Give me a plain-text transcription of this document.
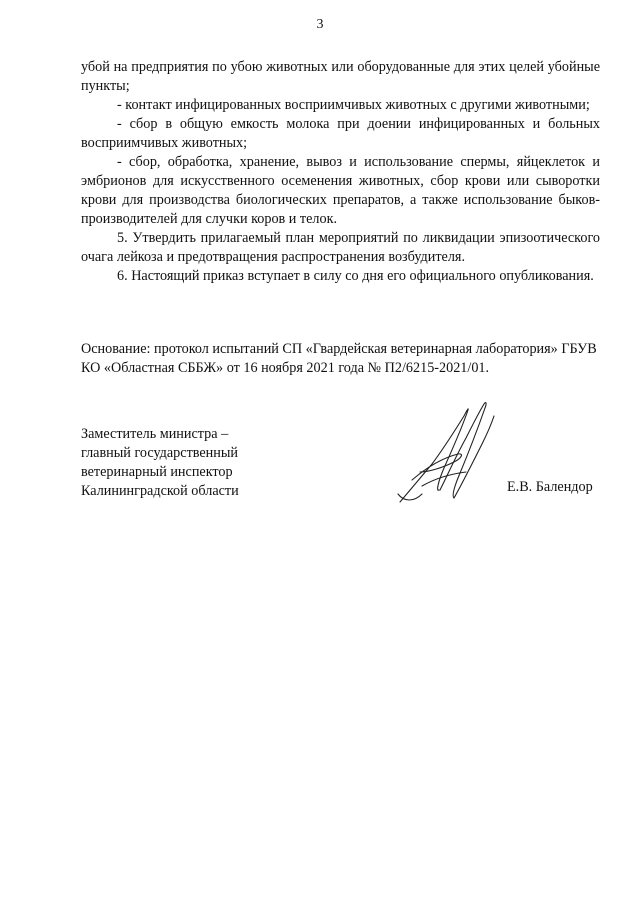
3

убой на предприятия по убою животных или оборудованные для этих целей убойные пункты;

- контакт инфицированных восприимчивых животных с другими животными;

- сбор в общую емкость молока при доении инфицированных и больных восприимчивых животных;

- сбор, обработка, хранение, вывоз и использование спермы, яйцеклеток и эмбрионов для искусственного осеменения животных, сбор крови или сыворотки крови для производства биологических препаратов, а также использование быков-производителей для случки коров и телок.

5. Утвердить прилагаемый план мероприятий по ликвидации эпизоотического очага лейкоза и предотвращения распространения возбудителя.

6. Настоящий приказ вступает в силу со дня его официального опубликования.

Основание: протокол испытаний СП «Гвардейская ветеринарная лаборатория» ГБУВ КО «Областная СББЖ» от 16 ноября 2021 года № П2/6215-2021/01.

Заместитель министра –
главный государственный
ветеринарный инспектор
Калининградской области	Е.В. Балендор
